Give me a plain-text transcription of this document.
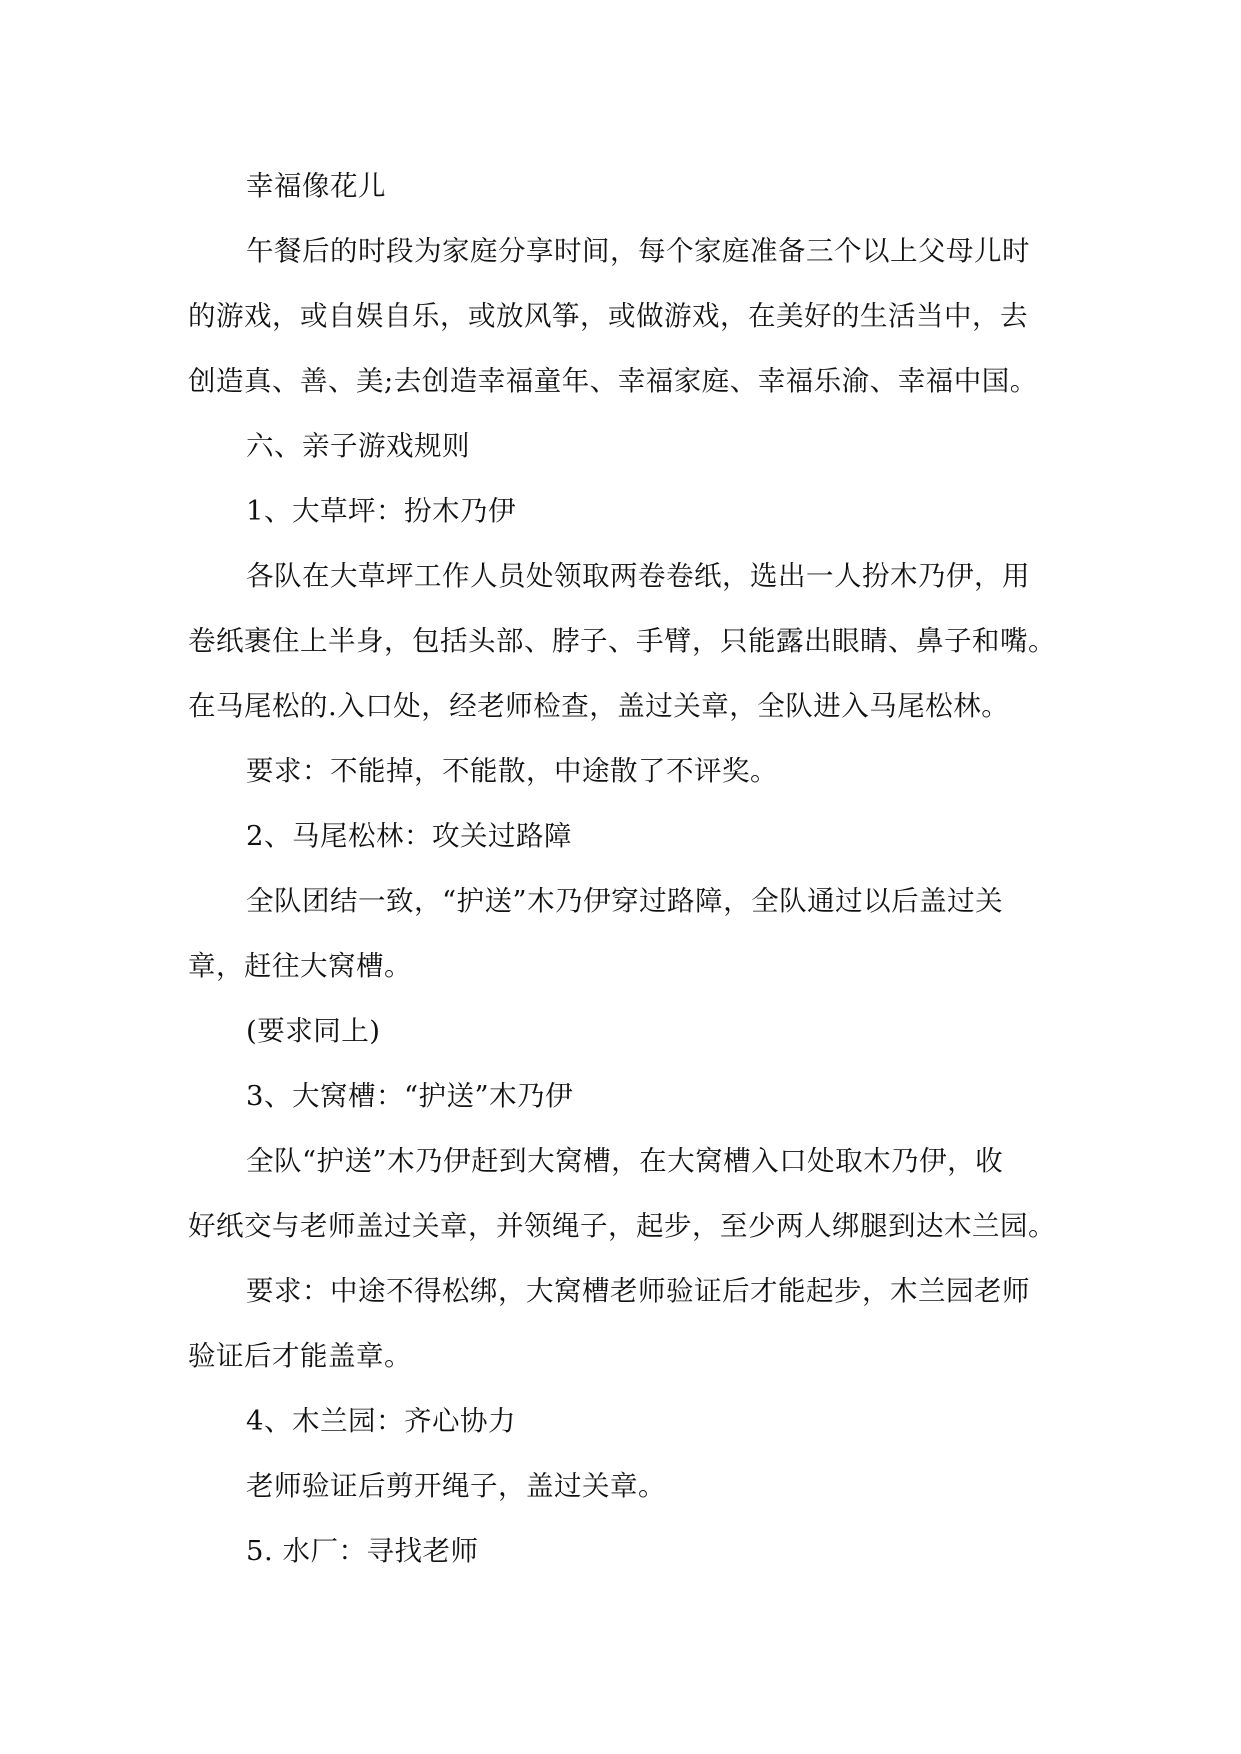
幸福像花儿
午餐后的时段为家庭分享时间，每个家庭准备三个以上父母儿时
的游戏，或自娱自乐，或放风筝，或做游戏，在美好的生活当中，去
创造真、善、美;去创造幸福童年、幸福家庭、幸福乐渝、幸福中国。
六、亲子游戏规则
1、大草坪：扮木乃伊
各队在大草坪工作人员处领取两卷卷纸，选出一人扮木乃伊，用
卷纸裹住上半身，包括头部、脖子、手臂，只能露出眼睛、鼻子和嘴。
在马尾松的.入口处，经老师检查，盖过关章，全队进入马尾松林。
要求：不能掉，不能散，中途散了不评奖。
2、马尾松林：攻关过路障
全队团结一致，“护送”木乃伊穿过路障，全队通过以后盖过关
章，赶往大窝槽。
(要求同上)
3、大窝槽：“护送”木乃伊
全队“护送”木乃伊赶到大窝槽，在大窝槽入口处取木乃伊，收
好纸交与老师盖过关章，并领绳子，起步，至少两人绑腿到达木兰园。
要求：中途不得松绑，大窝槽老师验证后才能起步，木兰园老师
验证后才能盖章。
4、木兰园：齐心协力
老师验证后剪开绳子，盖过关章。
5. 水厂：寻找老师
